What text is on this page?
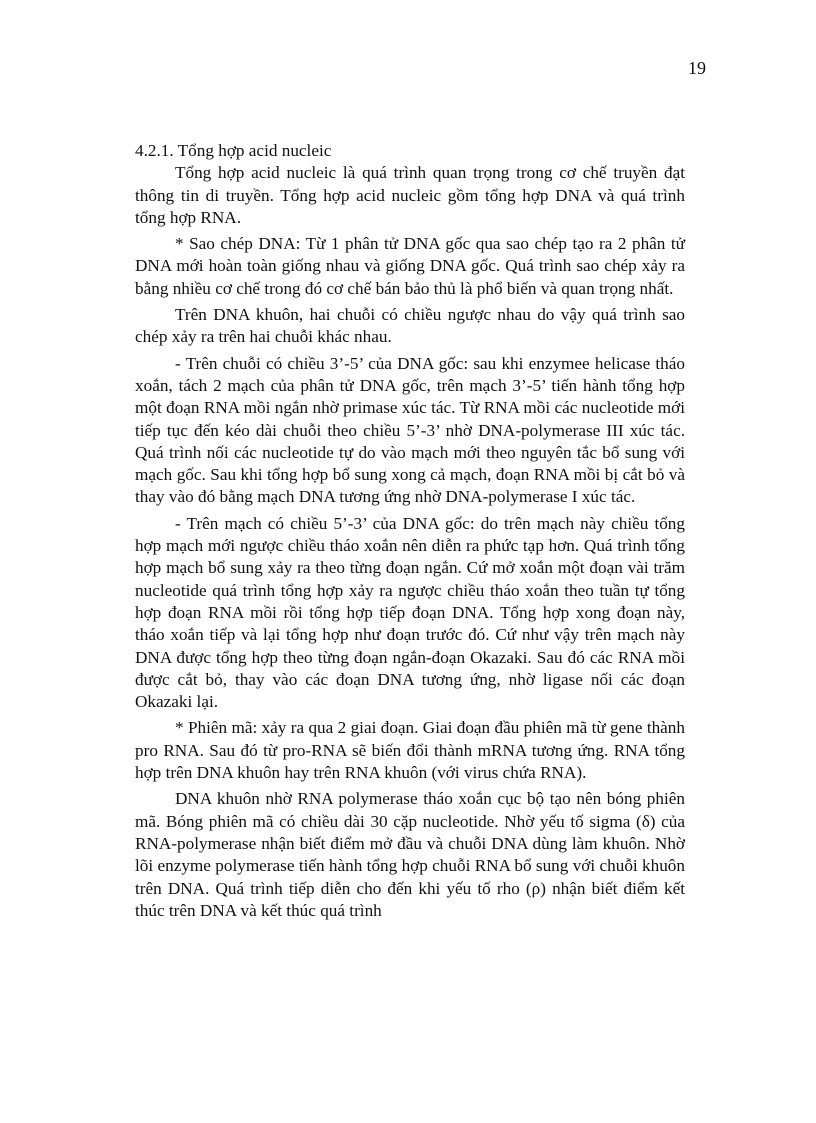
19

4.2.1. Tổng hợp acid nucleic

Tổng hợp acid nucleic là quá trình quan trọng trong cơ chế truyền đạt thông tin di truyền. Tổng hợp acid nucleic gồm tổng hợp DNA và quá trình tổng hợp RNA.

* Sao chép DNA: Từ 1 phân tử DNA gốc qua sao chép tạo ra 2 phân tử DNA mới hoàn toàn giống nhau và giống DNA gốc. Quá trình sao chép xảy ra bằng nhiều cơ chế trong đó cơ chế bán bảo thủ là phổ biến và quan trọng nhất.

Trên DNA khuôn, hai chuỗi có chiều ngược nhau do vậy quá trình sao chép xảy ra trên hai chuỗi khác nhau.

- Trên chuỗi có chiều 3’-5’ của DNA gốc: sau khi enzymee helicase tháo xoắn, tách 2 mạch của phân tử DNA gốc, trên mạch 3’-5’ tiến hành tổng hợp một đoạn RNA mồi ngắn nhờ primase xúc tác. Từ RNA mồi các nucleotide mới tiếp tục đến kéo dài chuỗi theo chiều 5’-3’ nhờ DNA-polymerase III xúc tác. Quá trình nối các nucleotide tự do vào mạch mới theo nguyên tắc bổ sung với mạch gốc. Sau khi tổng hợp bổ sung xong cả mạch, đoạn RNA mồi bị cắt bỏ và thay vào đó bằng mạch DNA tương ứng nhờ DNA-polymerase I xúc tác.

- Trên mạch có chiều 5’-3’ của DNA gốc: do trên mạch này chiều tổng hợp mạch mới ngược chiều tháo xoắn nên diễn ra phức tạp hơn. Quá trình tổng hợp mạch bổ sung xảy ra theo từng đoạn ngắn. Cứ mở xoắn một đoạn vài trăm nucleotide quá trình tổng hợp xảy ra ngược chiều tháo xoắn theo tuần tự tổng hợp đoạn RNA mồi rồi tổng hợp tiếp đoạn DNA. Tổng hợp xong đoạn này, tháo xoắn tiếp và lại tổng hợp như đoạn trước đó. Cứ như vậy trên mạch này DNA được tổng hợp theo từng đoạn ngắn-đoạn Okazaki. Sau đó các RNA mồi được cắt bỏ, thay vào các đoạn DNA tương ứng, nhờ ligase nối các đoạn Okazaki lại.

* Phiên mã: xảy ra qua 2 giai đoạn. Giai đoạn đầu phiên mã từ gene thành pro RNA. Sau đó từ pro-RNA sẽ biến đổi thành mRNA tương ứng. RNA tổng hợp trên DNA khuôn hay trên RNA khuôn (với virus chứa RNA).

DNA khuôn nhờ RNA polymerase tháo xoắn cục bộ tạo nên bóng phiên mã. Bóng phiên mã có chiều dài 30 cặp nucleotide. Nhờ yếu tố sigma (δ) của RNA-polymerase nhận biết điểm mở đầu và chuỗi DNA dùng làm khuôn. Nhờ lõi enzyme polymerase tiến hành tổng hợp chuỗi RNA bổ sung với chuỗi khuôn trên DNA. Quá trình tiếp diễn cho đến khi yếu tố rho (ρ) nhận biết điểm kết thúc trên DNA và kết thúc quá trình
